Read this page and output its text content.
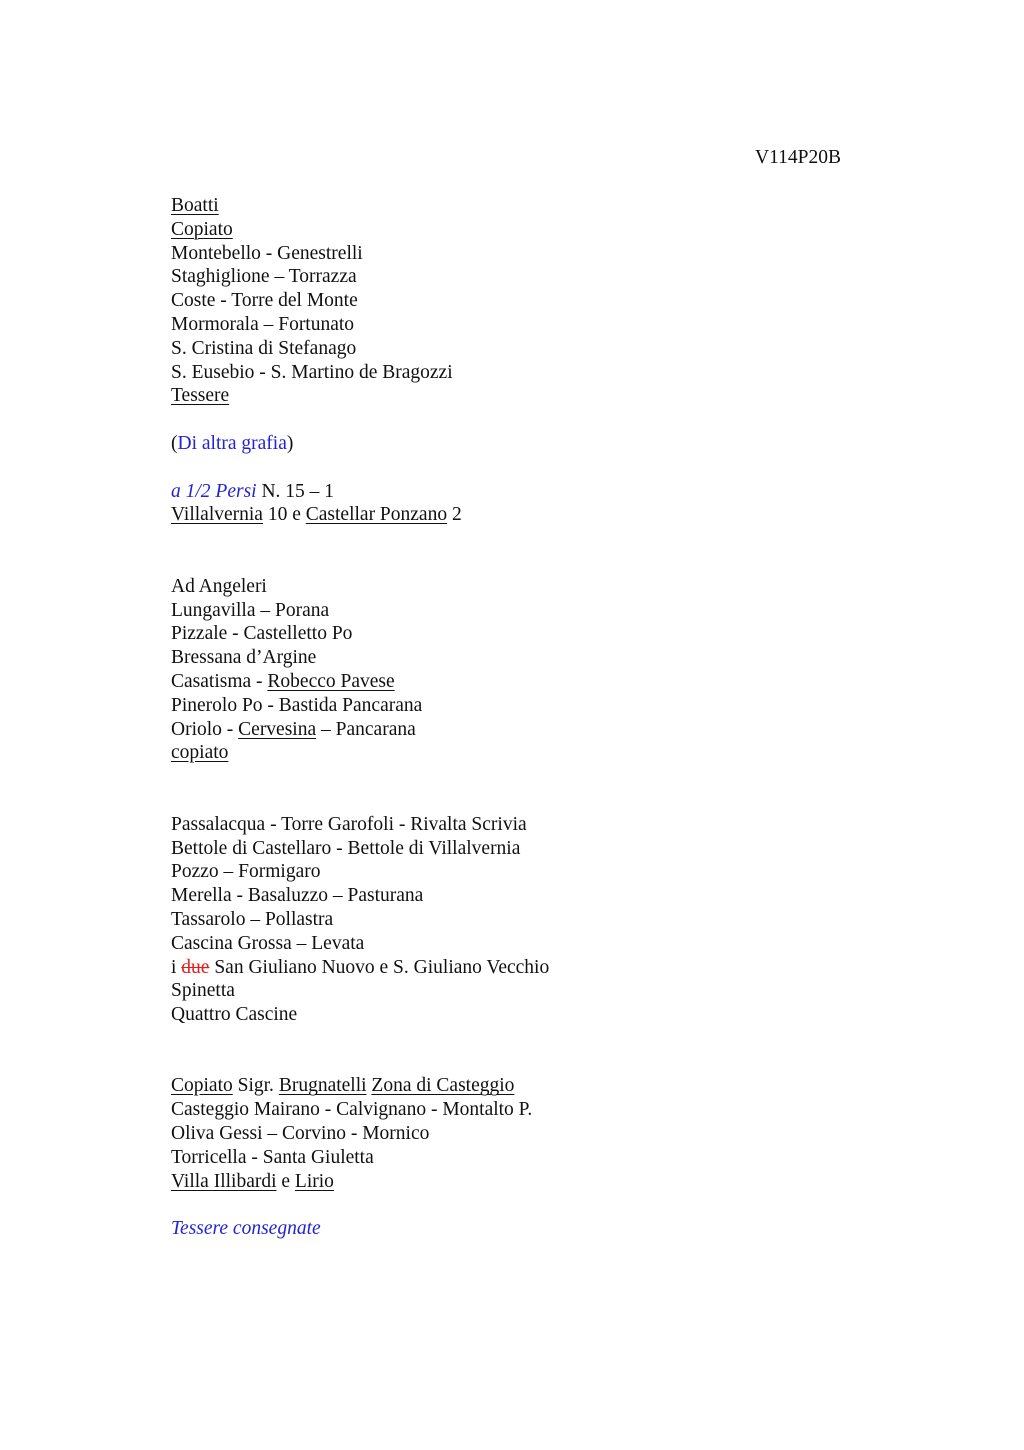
V114P20B
Boatti
Copiato
Montebello - Genestrelli
Staghiglione – Torrazza
Coste - Torre del Monte
Mormorala – Fortunato
S. Cristina di Stefanago
S. Eusebio - S. Martino de Bragozzi
Tessere
(Di altra grafia)
a 1/2 Persi N. 15 – 1
Villalvernia 10 e Castellar Ponzano 2
Ad Angeleri
Lungavilla – Porana
Pizzale - Castelletto Po
Bressana d’Argine
Casatisma - Robecco Pavese
Pinerolo Po - Bastida Pancarana
Oriolo - Cervesina – Pancarana
copiato
Passalacqua - Torre Garofoli - Rivalta Scrivia
Bettole di Castellaro - Bettole di Villalvernia
Pozzo – Formigaro
Merella - Basaluzzo – Pasturana
Tassarolo – Pollastra
Cascina Grossa – Levata
i due San Giuliano Nuovo e S. Giuliano Vecchio
Spinetta
Quattro Cascine
Copiato Sigr. Brugnatelli Zona di Casteggio
Casteggio Mairano - Calvignano - Montalto P.
Oliva Gessi – Corvino - Mornico
Torricella - Santa Giuletta
Villa Illibardi e Lirio
Tessere consegnate
